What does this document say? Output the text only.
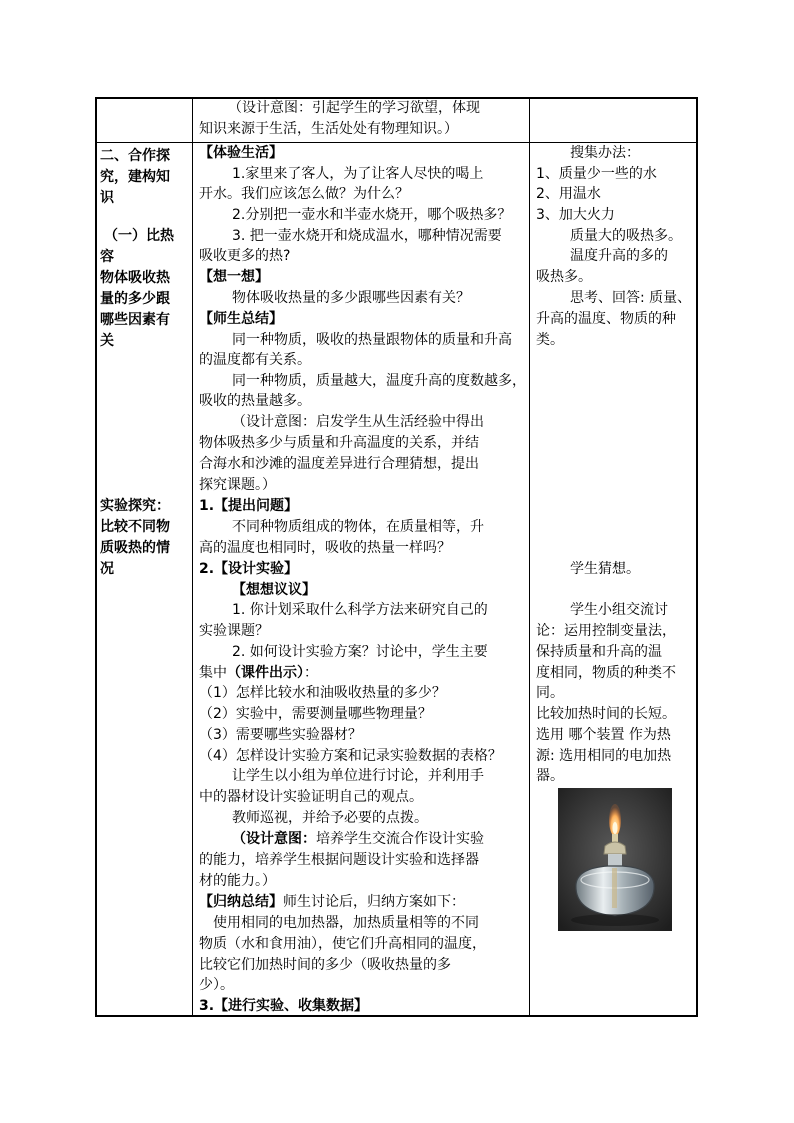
（设计意图：引起学生的学习欲望，体现
知识来源于生活，生活处处有物理知识。）
二、合作探
究，建构知
识
（一）比热
容
物体吸收热
量的多少跟
哪些因素有
关
实验探究：
比较不同物
质吸热的情
况
【体验生活】
1.家里来了客人，为了让客人尽快的喝上
开水。我们应该怎么做？为什么？
2.分别把一壶水和半壶水烧开，哪个吸热多？
3. 把一壶水烧开和烧成温水，哪种情况需要
吸收更多的热?
【想一想】
物体吸收热量的多少跟哪些因素有关？
【师生总结】
同一种物质，吸收的热量跟物体的质量和升高
的温度都有关系。
同一种物质，质量越大，温度升高的度数越多，
吸收的热量越多。
（设计意图：启发学生从生活经验中得出
物体吸热多少与质量和升高温度的关系，并结
合海水和沙滩的温度差异进行合理猜想，提出
探究课题。）
1.【提出问题】
不同种物质组成的物体，在质量相等，升
高的温度也相同时，吸收的热量一样吗？
2.【设计实验】
【想想议议】
1. 你计划采取什么科学方法来研究自己的
实验课题？
2. 如何设计实验方案？讨论中，学生主要
集中（课件出示）：
（1）怎样比较水和油吸收热量的多少？
（2）实验中，需要测量哪些物理量？
（3）需要哪些实验器材？
（4）怎样设计实验方案和记录实验数据的表格？
让学生以小组为单位进行讨论，并利用手
中的器材设计实验证明自己的观点。
教师巡视，并给予必要的点拨。
（设计意图：培养学生交流合作设计实验
的能力，培养学生根据问题设计实验和选择器
材的能力。）
【归纳总结】师生讨论后，归纳方案如下：
使用相同的电加热器，加热质量相等的不同
物质（水和食用油），使它们升高相同的温度，
比较它们加热时间的多少（吸收热量的多
少）。
3.【进行实验、收集数据】
搜集办法：
1、质量少一些的水
2、用温水
3、加大火力
质量大的吸热多。
温度升高的多的
吸热多。
思考、回答: 质量、
升高的温度、物质的种
类。
学生猜想。
学生小组交流讨
论：运用控制变量法，
保持质量和升高的温
度相同，物质的种类不
同。
比较加热时间的长短。
选用 哪个装置 作为热
源: 选用相同的电加热
器。
